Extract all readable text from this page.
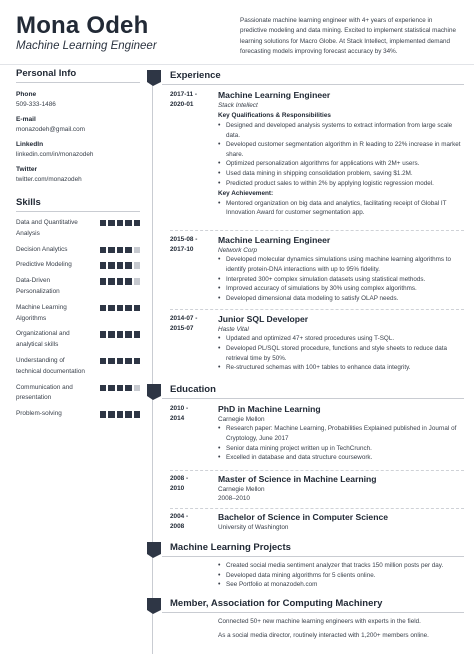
Mona Odeh
Machine Learning Engineer
Passionate machine learning engineer with 4+ years of experience in predictive modeling and data mining. Excited to implement statistical machine learning solutions for Macro Globe. At Stack Intellect, implemented demand forecasting models improving forecast accuracy by 34%.
Personal Info
Phone
509-333-1486
E-mail
monazodeh@gmail.com
LinkedIn
linkedin.com/in/monazodeh
Twitter
twitter.com/monazodeh
Skills
Data and Quantitative Analysis
Decision Analytics
Predictive Modeling
Data-Driven Personalization
Machine Learning Algorithms
Organizational and analytical skills
Understanding of technical documentation
Communication and presentation
Problem-solving
Experience
2017-11 -
2020-01
Machine Learning Engineer
Stack Intellect
Key Qualifications & Responsibilities
• Designed and developed analysis systems to extract information from large scale data.
• Developed customer segmentation algorithm in R leading to 22% increase in market share.
• Optimized personalization algorithms for applications with 2M+ users.
• Used data mining in shipping consolidation problem, saving $1.2M.
• Predicted product sales to within 2% by applying logistic regression model.
Key Achievement:
• Mentored organization on big data and analytics, facilitating receipt of Global IT Innovation Award for customer segmentation app.
2015-08 -
2017-10
Machine Learning Engineer
Network Corp
• Developed molecular dynamics simulations using machine learning algorithms to identify protein-DNA interactions with up to 95% fidelity.
• Interpreted 300+ complex simulation datasets using statistical methods.
• Improved accuracy of simulations by 30% using complex algorithms.
• Developed dimensional data modeling to satisfy OLAP needs.
2014-07 -
2015-07
Junior SQL Developer
Haste Vital
• Updated and optimized 47+ stored procedures using T-SQL.
• Developed PL/SQL stored procedure, functions and style sheets to reduce data retrieval time by 50%.
• Re-structured schemas with 100+ tables to enhance data integrity.
Education
2010 -
2014
PhD in Machine Learning
Carnegie Mellon
• Research paper: Machine Learning, Probabilities Explained published in Journal of Cryptology, June 2017
• Senior data mining project written up in TechCrunch.
• Excelled in database and data structure coursework.
2008 -
2010
Master of Science in Machine Learning
Carnegie Mellon
2008–2010
2004 -
2008
Bachelor of Science in Computer Science
University of Washington
Machine Learning Projects
• Created social media sentiment analyzer that tracks 150 million posts per day.
• Developed data mining algorithms for 5 clients online.
• See Portfolio at monazodeh.com
Member, Association for Computing Machinery
Connected 50+ new machine learning engineers with experts in the field.
As a social media director, routinely interacted with 1,200+ members online.
